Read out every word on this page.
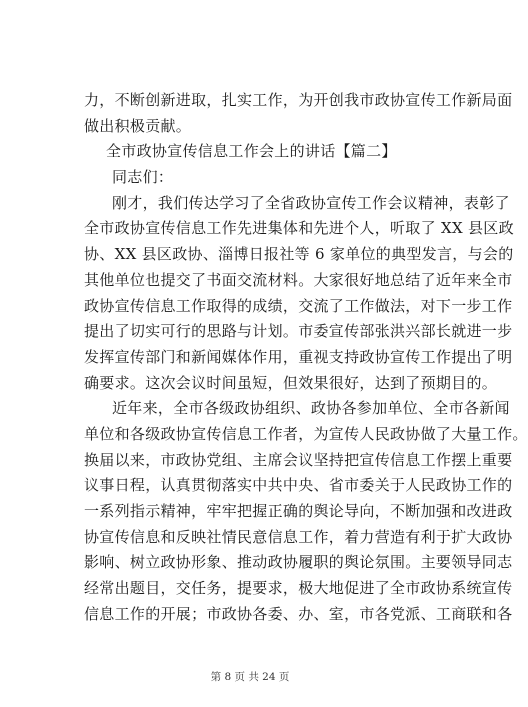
力，不断创新进取，扎实工作，为开创我市政协宣传工作新局面
做出积极贡献。
全市政协宣传信息工作会上的讲话【篇二】
同志们：
刚才，我们传达学习了全省政协宣传工作会议精神，表彰了
全市政协宣传信息工作先进集体和先进个人，听取了 XX 县区政
协、XX 县区政协、淄博日报社等 6 家单位的典型发言，与会的
其他单位也提交了书面交流材料。大家很好地总结了近年来全市
政协宣传信息工作取得的成绩，交流了工作做法，对下一步工作
提出了切实可行的思路与计划。市委宣传部张洪兴部长就进一步
发挥宣传部门和新闻媒体作用，重视支持政协宣传工作提出了明
确要求。这次会议时间虽短，但效果很好，达到了预期目的。
近年来，全市各级政协组织、政协各参加单位、全市各新闻
单位和各级政协宣传信息工作者，为宣传人民政协做了大量工作。
换届以来，市政协党组、主席会议坚持把宣传信息工作摆上重要
议事日程，认真贯彻落实中共中央、省市委关于人民政协工作的
一系列指示精神，牢牢把握正确的舆论导向，不断加强和改进政
协宣传信息和反映社情民意信息工作，着力营造有利于扩大政协
影响、树立政协形象、推动政协履职的舆论氛围。主要领导同志
经常出题目，交任务，提要求，极大地促进了全市政协系统宣传
信息工作的开展；市政协各委、办、室，市各党派、工商联和各
第 8 页 共 24 页
